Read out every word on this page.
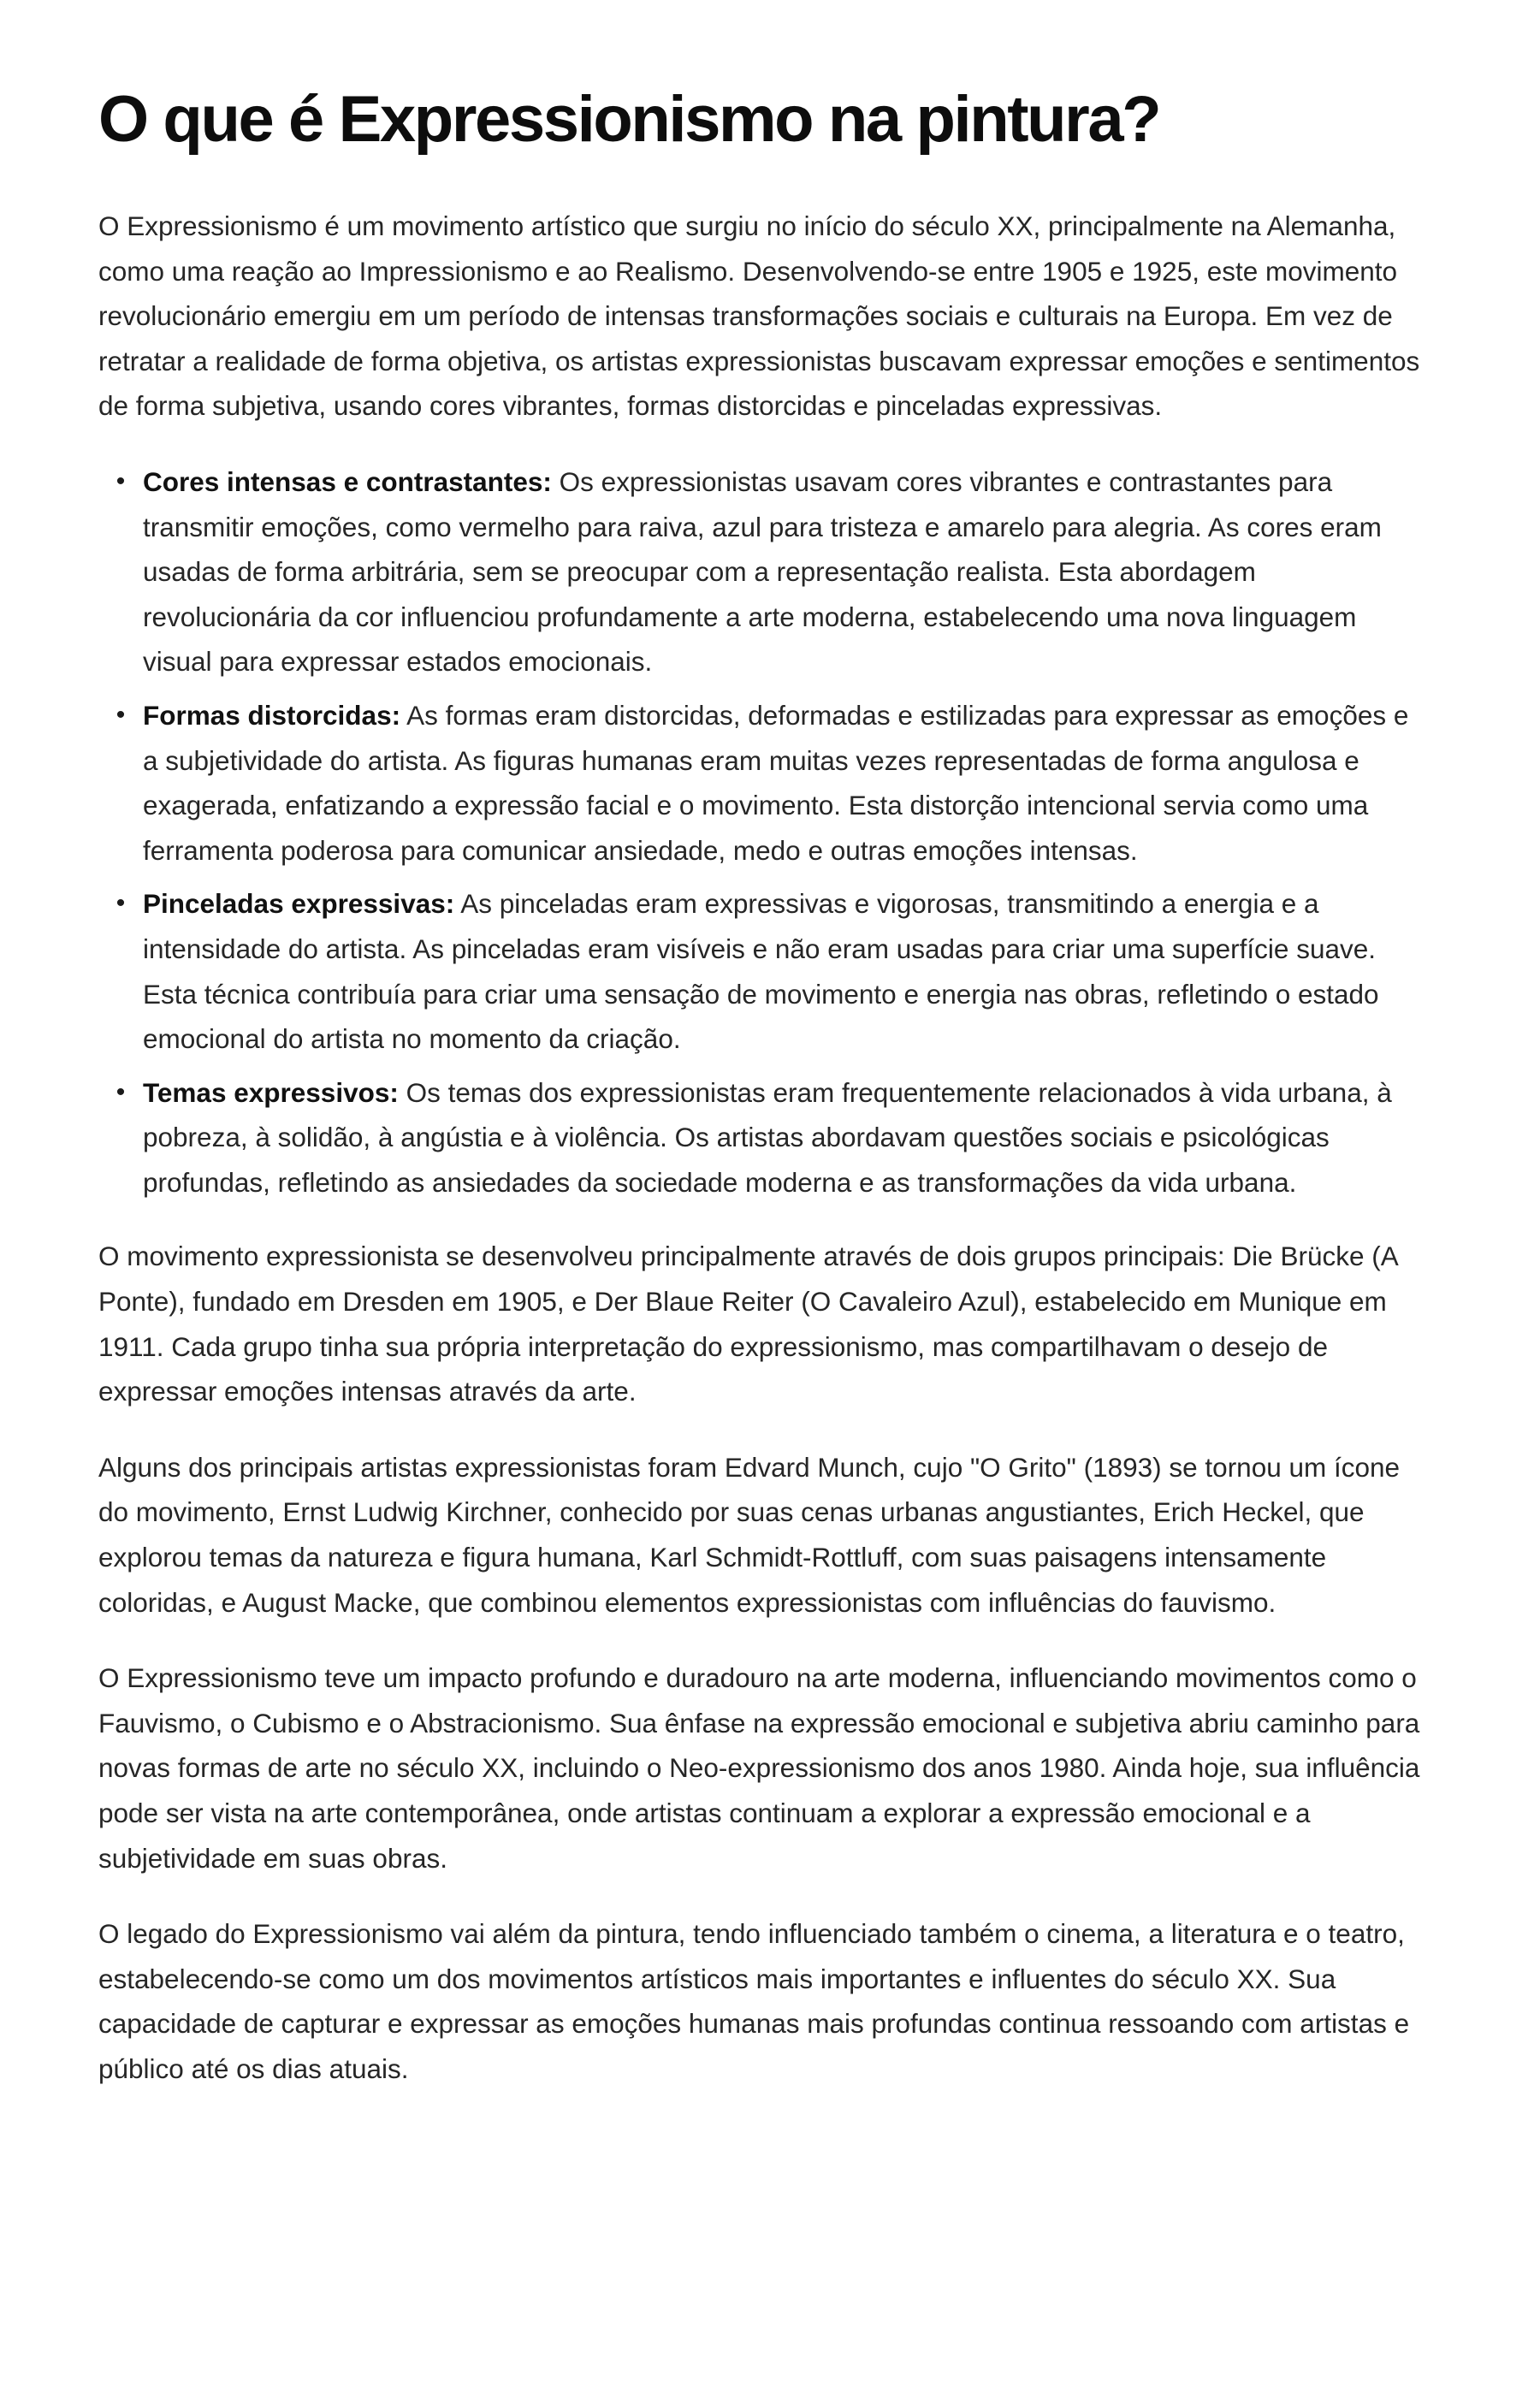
O que é Expressionismo na pintura?

O Expressionismo é um movimento artístico que surgiu no início do século XX, principalmente na Alemanha, como uma reação ao Impressionismo e ao Realismo. Desenvolvendo-se entre 1905 e 1925, este movimento revolucionário emergiu em um período de intensas transformações sociais e culturais na Europa. Em vez de retratar a realidade de forma objetiva, os artistas expressionistas buscavam expressar emoções e sentimentos de forma subjetiva, usando cores vibrantes, formas distorcidas e pinceladas expressivas.

• Cores intensas e contrastantes: Os expressionistas usavam cores vibrantes e contrastantes para transmitir emoções, como vermelho para raiva, azul para tristeza e amarelo para alegria. As cores eram usadas de forma arbitrária, sem se preocupar com a representação realista. Esta abordagem revolucionária da cor influenciou profundamente a arte moderna, estabelecendo uma nova linguagem visual para expressar estados emocionais.
• Formas distorcidas: As formas eram distorcidas, deformadas e estilizadas para expressar as emoções e a subjetividade do artista. As figuras humanas eram muitas vezes representadas de forma angulosa e exagerada, enfatizando a expressão facial e o movimento. Esta distorção intencional servia como uma ferramenta poderosa para comunicar ansiedade, medo e outras emoções intensas.
• Pinceladas expressivas: As pinceladas eram expressivas e vigorosas, transmitindo a energia e a intensidade do artista. As pinceladas eram visíveis e não eram usadas para criar uma superfície suave. Esta técnica contribuía para criar uma sensação de movimento e energia nas obras, refletindo o estado emocional do artista no momento da criação.
• Temas expressivos: Os temas dos expressionistas eram frequentemente relacionados à vida urbana, à pobreza, à solidão, à angústia e à violência. Os artistas abordavam questões sociais e psicológicas profundas, refletindo as ansiedades da sociedade moderna e as transformações da vida urbana.

O movimento expressionista se desenvolveu principalmente através de dois grupos principais: Die Brücke (A Ponte), fundado em Dresden em 1905, e Der Blaue Reiter (O Cavaleiro Azul), estabelecido em Munique em 1911. Cada grupo tinha sua própria interpretação do expressionismo, mas compartilhavam o desejo de expressar emoções intensas através da arte.

Alguns dos principais artistas expressionistas foram Edvard Munch, cujo "O Grito" (1893) se tornou um ícone do movimento, Ernst Ludwig Kirchner, conhecido por suas cenas urbanas angustiantes, Erich Heckel, que explorou temas da natureza e figura humana, Karl Schmidt-Rottluff, com suas paisagens intensamente coloridas, e August Macke, que combinou elementos expressionistas com influências do fauvismo.

O Expressionismo teve um impacto profundo e duradouro na arte moderna, influenciando movimentos como o Fauvismo, o Cubismo e o Abstracionismo. Sua ênfase na expressão emocional e subjetiva abriu caminho para novas formas de arte no século XX, incluindo o Neo-expressionismo dos anos 1980. Ainda hoje, sua influência pode ser vista na arte contemporânea, onde artistas continuam a explorar a expressão emocional e a subjetividade em suas obras.

O legado do Expressionismo vai além da pintura, tendo influenciado também o cinema, a literatura e o teatro, estabelecendo-se como um dos movimentos artísticos mais importantes e influentes do século XX. Sua capacidade de capturar e expressar as emoções humanas mais profundas continua ressoando com artistas e público até os dias atuais.
